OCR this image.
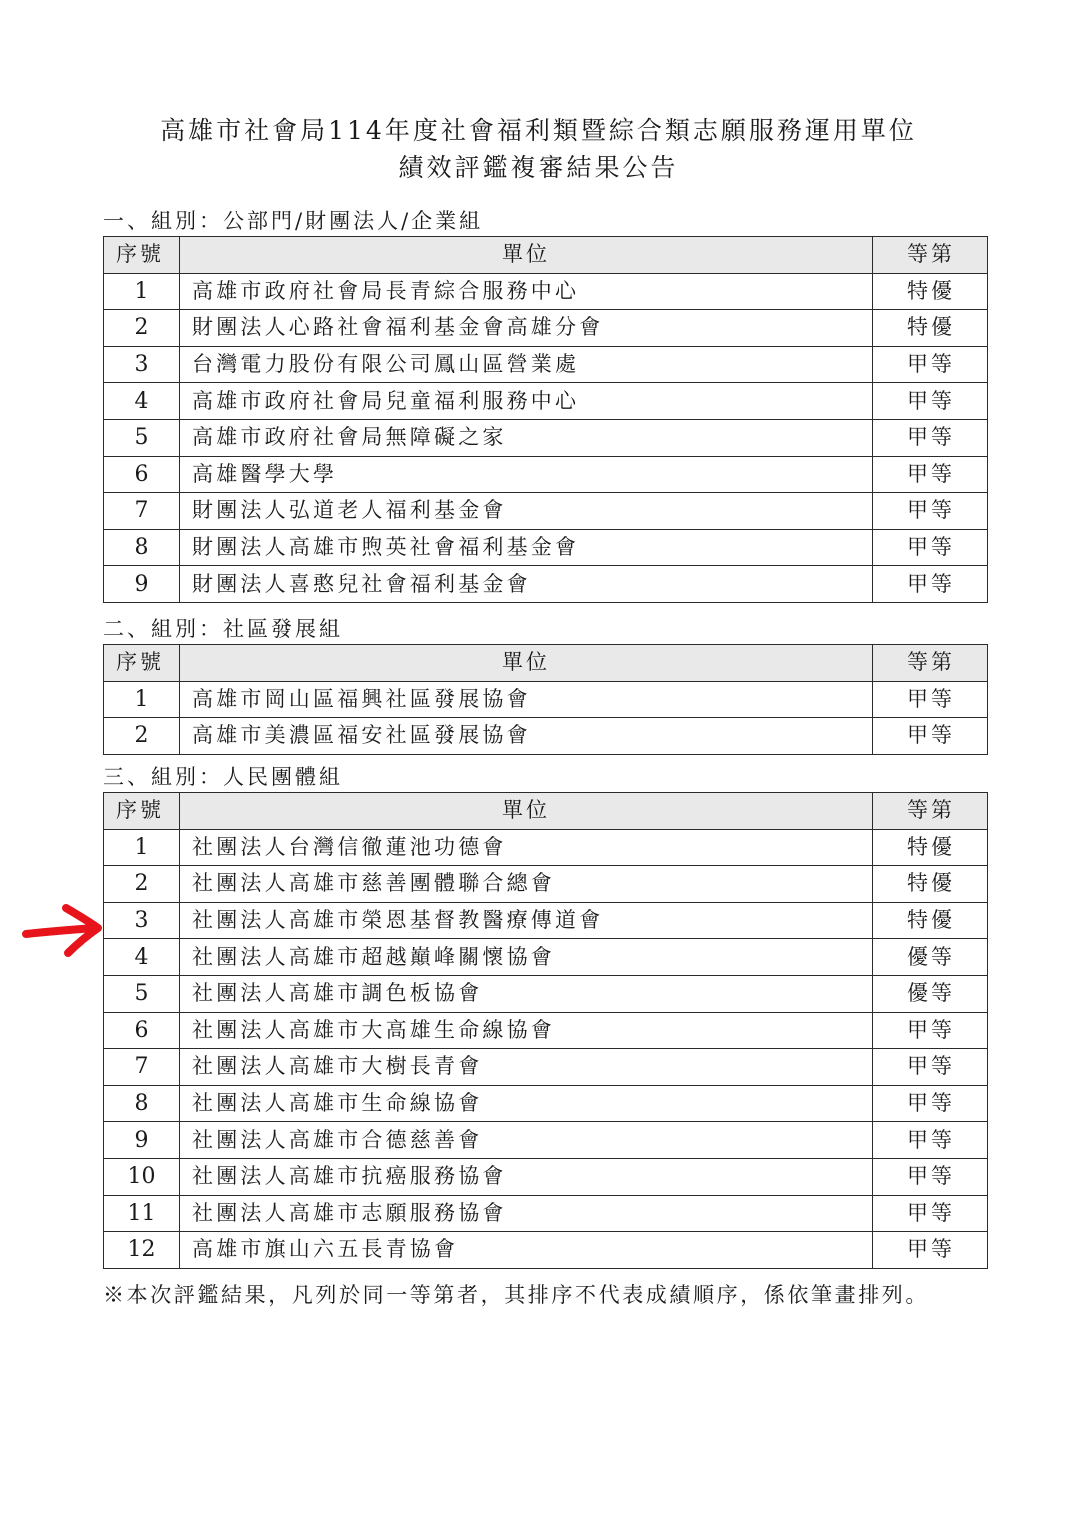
高雄市社會局114年度社會福利類暨綜合類志願服務運用單位
績效評鑑複審結果公告
一、組別：公部門/財團法人/企業組
序號	單位	等第
1	高雄市政府社會局長青綜合服務中心	特優
2	財團法人心路社會福利基金會高雄分會	特優
3	台灣電力股份有限公司鳳山區營業處	甲等
4	高雄市政府社會局兒童福利服務中心	甲等
5	高雄市政府社會局無障礙之家	甲等
6	高雄醫學大學	甲等
7	財團法人弘道老人福利基金會	甲等
8	財團法人高雄市煦英社會福利基金會	甲等
9	財團法人喜憨兒社會福利基金會	甲等
二、組別：社區發展組
序號	單位	等第
1	高雄市岡山區福興社區發展協會	甲等
2	高雄市美濃區福安社區發展協會	甲等
三、組別：人民團體組
序號	單位	等第
1	社團法人台灣信徹蓮池功德會	特優
2	社團法人高雄市慈善團體聯合總會	特優
3	社團法人高雄市榮恩基督教醫療傳道會	特優
4	社團法人高雄市超越巔峰關懷協會	優等
5	社團法人高雄市調色板協會	優等
6	社團法人高雄市大高雄生命線協會	甲等
7	社團法人高雄市大樹長青會	甲等
8	社團法人高雄市生命線協會	甲等
9	社團法人高雄市合德慈善會	甲等
10	社團法人高雄市抗癌服務協會	甲等
11	社團法人高雄市志願服務協會	甲等
12	高雄市旗山六五長青協會	甲等
※本次評鑑結果，凡列於同一等第者，其排序不代表成績順序，係依筆畫排列。
